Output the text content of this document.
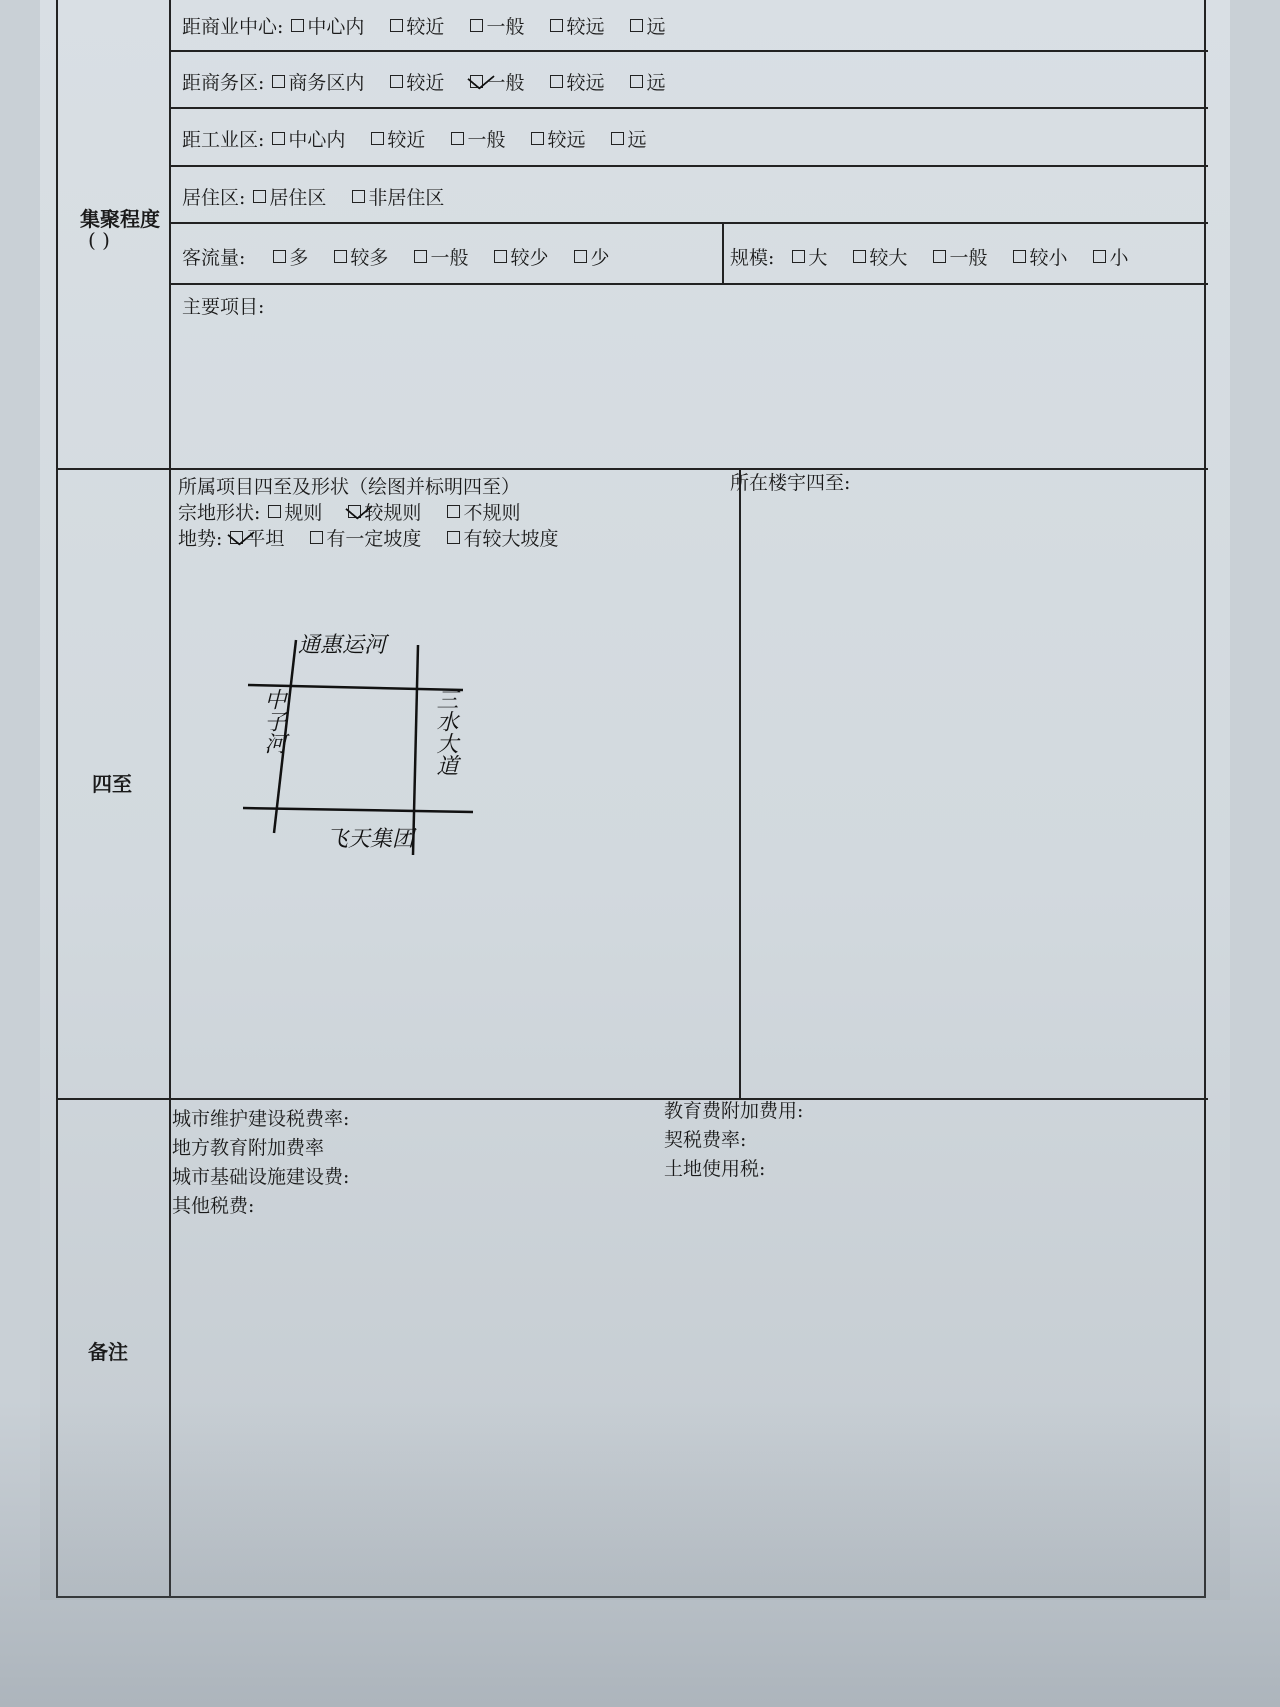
集聚程度
( )
四至
备注
距商业中心: 中心内 较近 一般 较远 远
距商务区: 商务区内 较近 一般 较远 远
距工业区: 中心内 较近 一般 较远 远
居住区: 居住区 非居住区
客流量: 多 较多 一般 较少 少	规模: 大 较大 一般 较小 小
主要项目:
所属项目四至及形状（绘图并标明四至）
宗地形状: 规则 较规则 不规则
地势: 平坦 有一定坡度 有较大坡度
所在楼宇四至:
通惠运河
飞天集团
中子河	三水大道
城市维护建设税费率:
地方教育附加费率
城市基础设施建设费:
其他税费:
教育费附加费用:
契税费率:
土地使用税:
